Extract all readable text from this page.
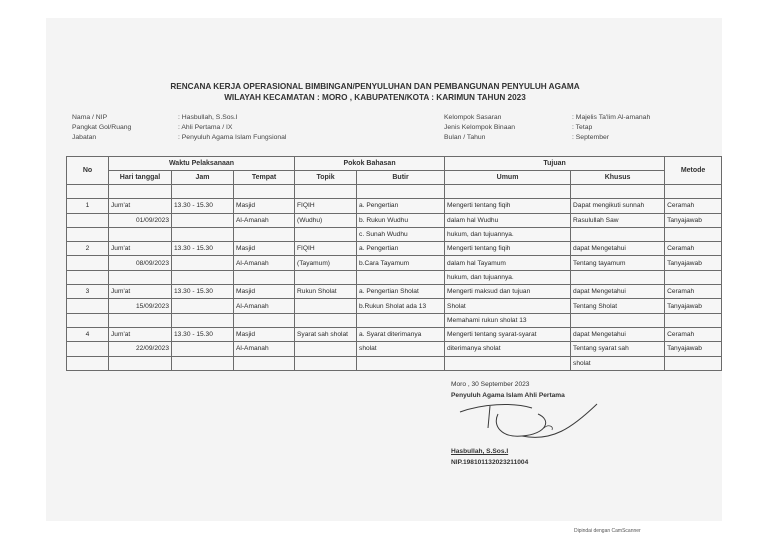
RENCANA KERJA OPERASIONAL BIMBINGAN/PENYULUHAN DAN PEMBANGUNAN PENYULUH AGAMA
WILAYAH KECAMATAN : MORO , KABUPATEN/KOTA : KARIMUN TAHUN 2023
Nama / NIP	: Hasbullah, S.Sos.I
Pangkat Gol/Ruang	: Ahli Pertama / IX
Jabatan	: Penyuluh Agama Islam Fungsional
Kelompok Sasaran	: Majelis Ta'lim Al-amanah
Jenis Kelompok Binaan	: Tetap
Bulan / Tahun	: September
No	Waktu Pelaksanaan			Pokok Bahasan		Tujuan		Metode
	Hari tanggal	Jam	Tempat	Topik	Butir	Umum	Khusus	

1	Jum'at	13.30 - 15.30	Masjid	FIQIH	a. Pengertian	Mengerti tentang fiqih	Dapat mengikuti sunnah	Ceramah
	01/09/2023		Al-Amanah	(Wudhu)	b. Rukun Wudhu	dalam hal Wudhu	Rasulullah Saw	Tanyajawab
					c. Sunah Wudhu	hukum, dan tujuannya.		
2	Jum'at	13.30 - 15.30	Masjid	FIQIH	a. Pengertian	Mengerti tentang fiqih	dapat Mengetahui	Ceramah
	08/09/2023		Al-Amanah	(Tayamum)	b.Cara Tayamum	dalam hal Tayamum	Tentang tayamum	Tanyajawab
						hukum, dan tujuannya.		
3	Jum'at	13.30 - 15.30	Masjid	Rukun Sholat	a. Pengertian Sholat	Mengerti maksud dan tujuan	dapat Mengetahui	Ceramah
	15/09/2023		Al-Amanah		b.Rukun Sholat ada 13	Sholat	Tentang Sholat	Tanyajawab
						Memahami rukun sholat 13		
4	Jum'at	13.30 - 15.30	Masjid	Syarat sah sholat	a. Syarat diterimanya	Mengerti tentang syarat-syarat	dapat Mengetahui	Ceramah
	22/09/2023		Al-Amanah		sholat	diterimanya sholat	Tentang syarat sah	Tanyajawab
							sholat	
Moro , 30 September 2023
Penyuluh Agama Islam Ahli Pertama
Hasbullah, S.Sos.I
NIP.198101132023211004
Dipindai dengan CamScanner
